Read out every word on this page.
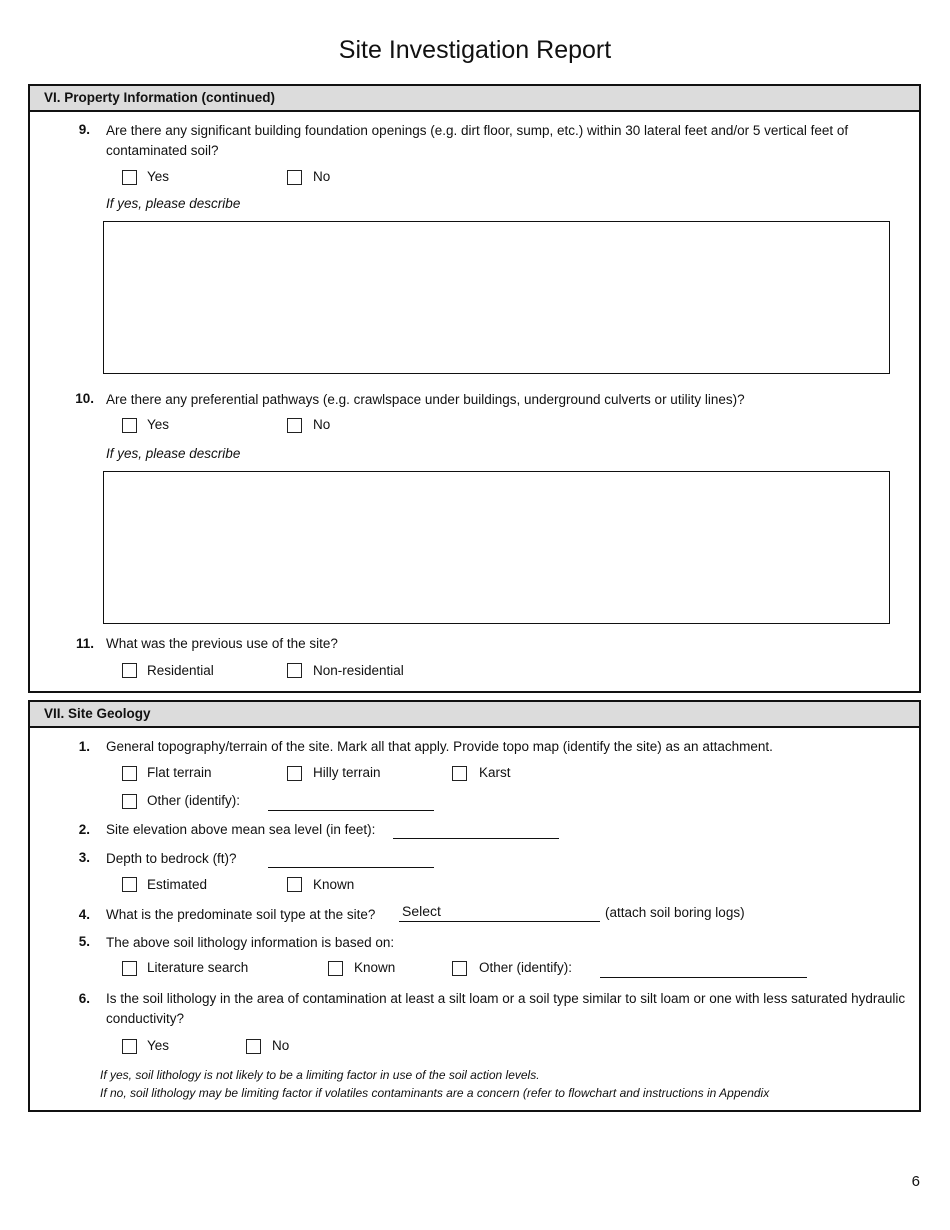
Site Investigation Report
VI. Property Information (continued)
9. Are there any significant building foundation openings (e.g. dirt floor, sump, etc.) within 30 lateral feet and/or 5 vertical feet of contaminated soil?
Yes	No
If yes, please describe
10. Are there any preferential pathways (e.g. crawlspace under buildings, underground culverts or utility lines)?
Yes	No
If yes, please describe
11. What was the previous use of the site?
Residential	Non-residential
VII. Site Geology
1. General topography/terrain of the site. Mark all that apply. Provide topo map (identify the site) as an attachment.
Flat terrain	Hilly terrain	Karst
Other (identify):
2. Site elevation above mean sea level (in feet):
3. Depth to bedrock (ft)?
Estimated	Known
4. What is the predominate soil type at the site? Select	(attach soil boring logs)
5. The above soil lithology information is based on:
Literature search	Known	Other (identify):
6. Is the soil lithology in the area of contamination at least a silt loam or a soil type similar to silt loam or one with less saturated hydraulic conductivity?
Yes	No
If yes, soil lithology is not likely to be a limiting factor in use of the soil action levels.
If no, soil lithology may be limiting factor if volatiles contaminants are a concern (refer to flowchart and instructions in Appendix
6
